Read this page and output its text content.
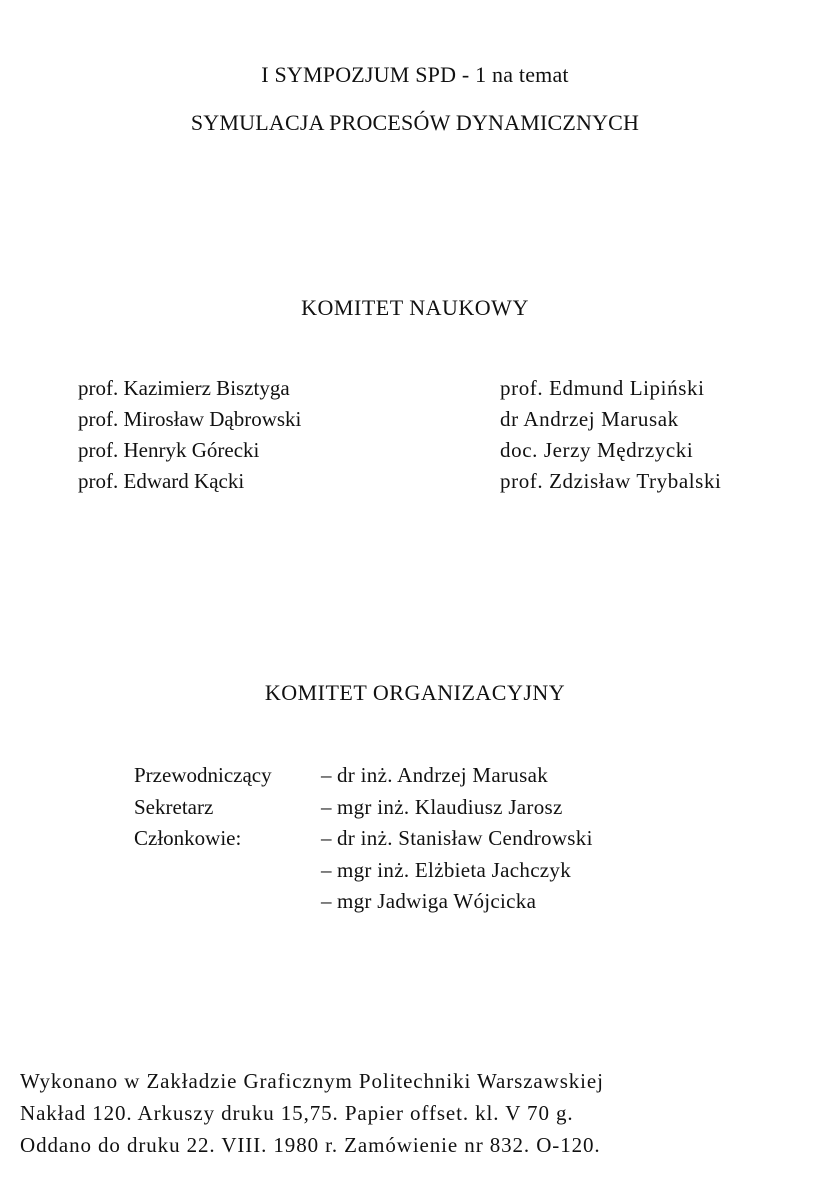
I SYMPOZJUM SPD - 1 na temat
SYMULACJA PROCESÓW DYNAMICZNYCH
KOMITET NAUKOWY
prof. Kazimierz Bisztyga
prof. Mirosław Dąbrowski
prof. Henryk Górecki
prof. Edward Kącki
prof. Edmund Lipiński
dr Andrzej Marusak
doc. Jerzy Mędrzycki
prof. Zdzisław Trybalski
KOMITET ORGANIZACYJNY
Przewodniczący – dr inż. Andrzej Marusak
Sekretarz	– mgr inż. Klaudiusz Jarosz
Członkowie:	– dr inż. Stanisław Cendrowski
– mgr inż. Elżbieta Jachczyk
– mgr Jadwiga Wójcicka
Wykonano w Zakładzie Graficznym Politechniki Warszawskiej
Nakład 120. Arkuszy druku 15,75. Papier offset. kl. V 70 g.
Oddano do druku 22. VIII. 1980 r. Zamówienie nr 832. O-120.
